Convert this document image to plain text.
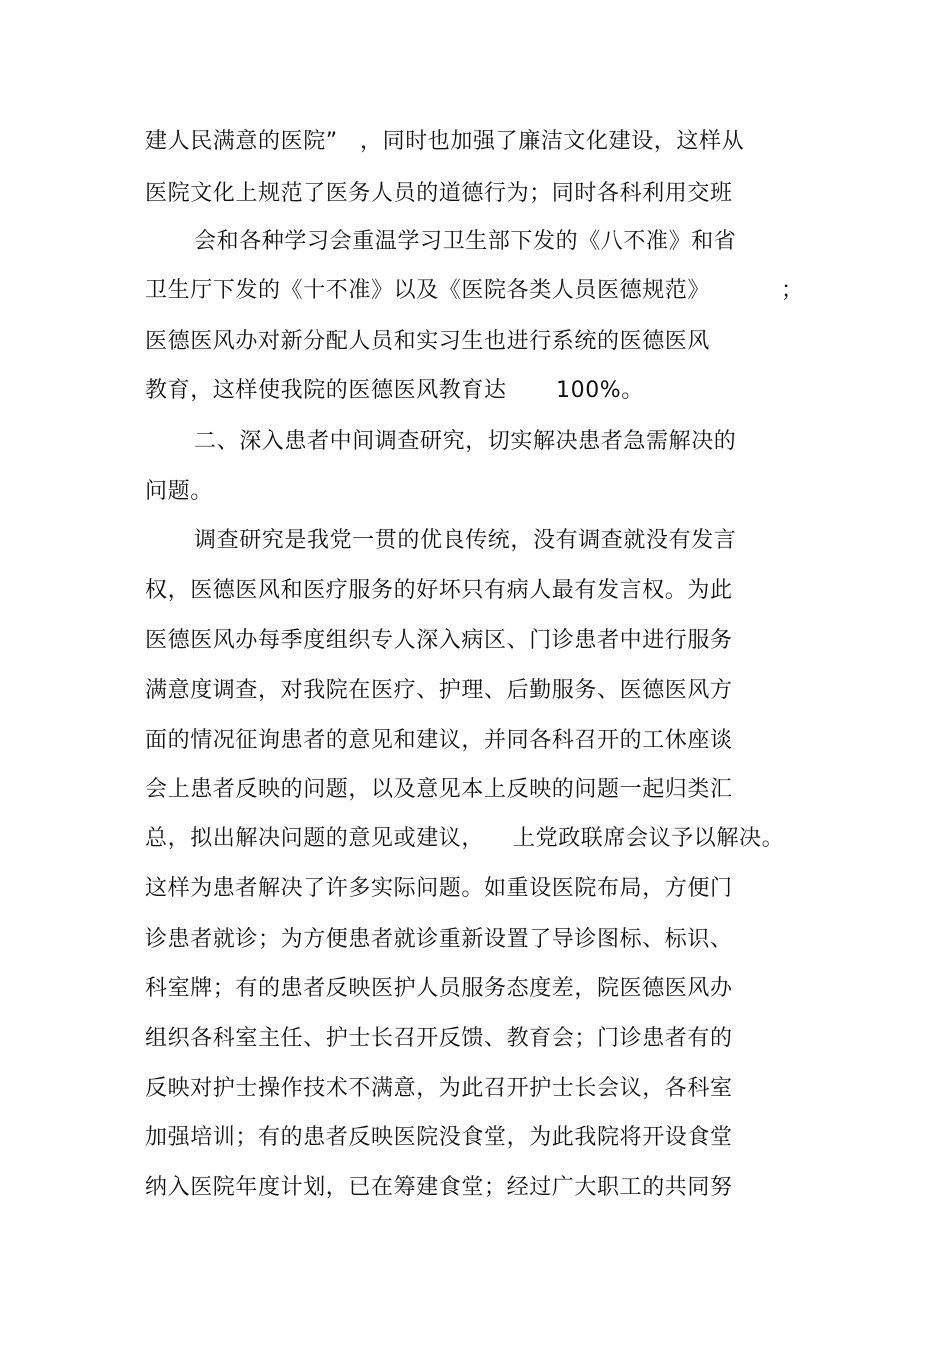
建人民满意的医院”

，同时也加强了廉洁文化建设，这样从

医院文化上规范了医务人员的道德行为；同时各科利用交班
会和各种学习会重温学习卫生部下发的《八不准》和省

卫生厅下发的《十不准》以及《医院各类人员医德规范》

	；

医德医风办对新分配人员和实习生也进行系统的医德医风

教育，这样使我院的医德医风教育达

100%。

二、深入患者中间调查研究，切实解决患者急需解决的
问题。
调查研究是我党一贯的优良传统，没有调查就没有发言
权，医德医风和医疗服务的好坏只有病人最有发言权。为此
医德医风办每季度组织专人深入病区、门诊患者中进行服务
满意度调查，对我院在医疗、护理、后勤服务、医德医风方
面的情况征询患者的意见和建议，并同各科召开的工休座谈
会上患者反映的问题，以及意见本上反映的问题一起归类汇

总，拟出解决问题的意见或建议，

上党政联席会议予以解决。

这样为患者解决了许多实际问题。如重设医院布局，方便门
诊患者就诊；为方便患者就诊重新设置了导诊图标、标识、
科室牌；有的患者反映医护人员服务态度差，院医德医风办
组织各科室主任、护士长召开反馈、教育会；门诊患者有的
反映对护士操作技术不满意，为此召开护士长会议，各科室
加强培训；有的患者反映医院没食堂，为此我院将开设食堂
纳入医院年度计划，已在筹建食堂；经过广大职工的共同努
